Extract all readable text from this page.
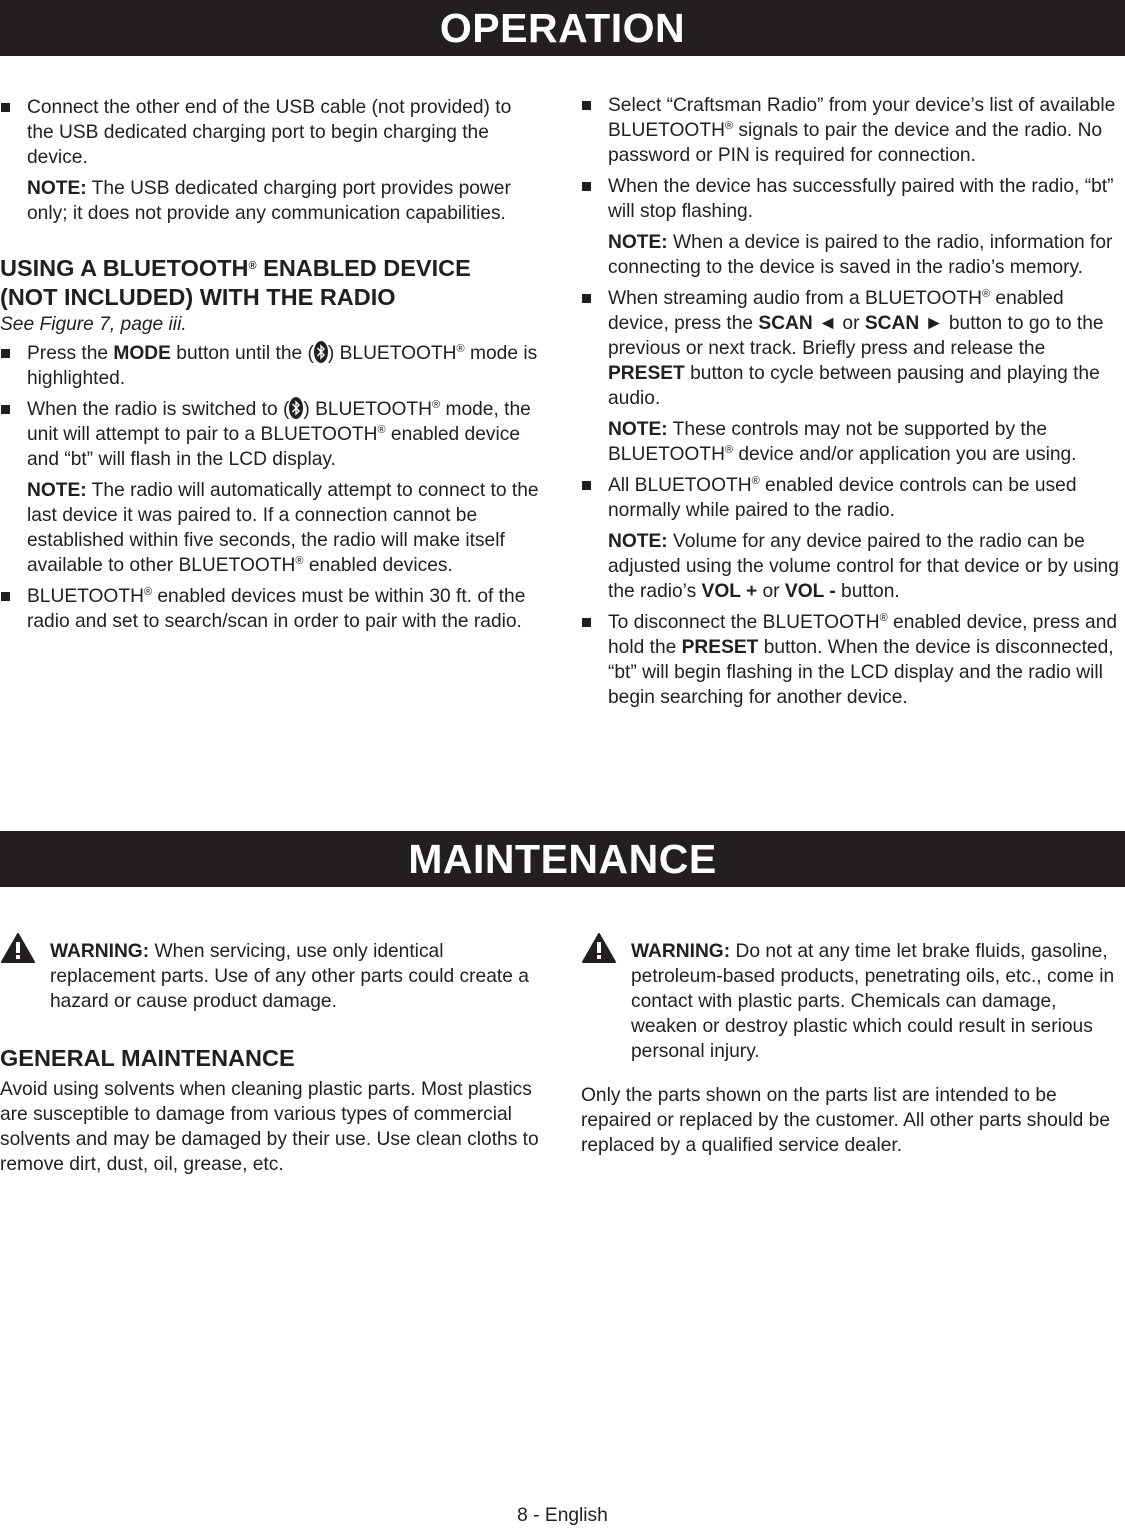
OPERATION
Connect the other end of the USB cable (not provided) to the USB dedicated charging port to begin charging the device.

NOTE: The USB dedicated charging port provides power only; it does not provide any communication capabilities.

USING A BLUETOOTH® ENABLED DEVICE
(NOT INCLUDED) WITH THE RADIO

See Figure 7, page iii.

Press the MODE button until the ( ) BLUETOOTH® mode is highlighted.
When the radio is switched to ( ) BLUETOOTH® mode, the unit will attempt to pair to a BLUETOOTH® enabled device and “bt” will flash in the LCD display.

NOTE: The radio will automatically attempt to connect to the last device it was paired to. If a connection cannot be established within five seconds, the radio will make itself available to other BLUETOOTH® enabled devices.

BLUETOOTH® enabled devices must be within 30 ft. of the radio and set to search/scan in order to pair with the radio.
Select “Craftsman Radio” from your device’s list of available BLUETOOTH® signals to pair the device and the radio. No password or PIN is required for connection.
When the device has successfully paired with the radio, “bt” will stop flashing.

NOTE: When a device is paired to the radio, information for connecting to the device is saved in the radio’s memory.

When streaming audio from a BLUETOOTH® enabled device, press the SCAN ◄ or SCAN ► button to go to the previous or next track. Briefly press and release the PRESET button to cycle between pausing and playing the audio.

NOTE: These controls may not be supported by the BLUETOOTH® device and/or application you are using.

All BLUETOOTH® enabled device controls can be used normally while paired to the radio.

NOTE: Volume for any device paired to the radio can be adjusted using the volume control for that device or by using the radio’s VOL + or VOL - button.

To disconnect the BLUETOOTH® enabled device, press and hold the PRESET button. When the device is disconnected, “bt” will begin flashing in the LCD display and the radio will begin searching for another device.
MAINTENANCE

WARNING: When servicing, use only identical replacement parts. Use of any other parts could create a hazard or cause product damage.

GENERAL MAINTENANCE

Avoid using solvents when cleaning plastic parts. Most plastics are susceptible to damage from various types of commercial solvents and may be damaged by their use. Use clean cloths to remove dirt, dust, oil, grease, etc.

WARNING: Do not at any time let brake fluids, gasoline, petroleum-based products, penetrating oils, etc., come in contact with plastic parts. Chemicals can damage, weaken or destroy plastic which could result in serious personal injury.

Only the parts shown on the parts list are intended to be repaired or replaced by the customer. All other parts should be replaced by a qualified service dealer.

8 - English
